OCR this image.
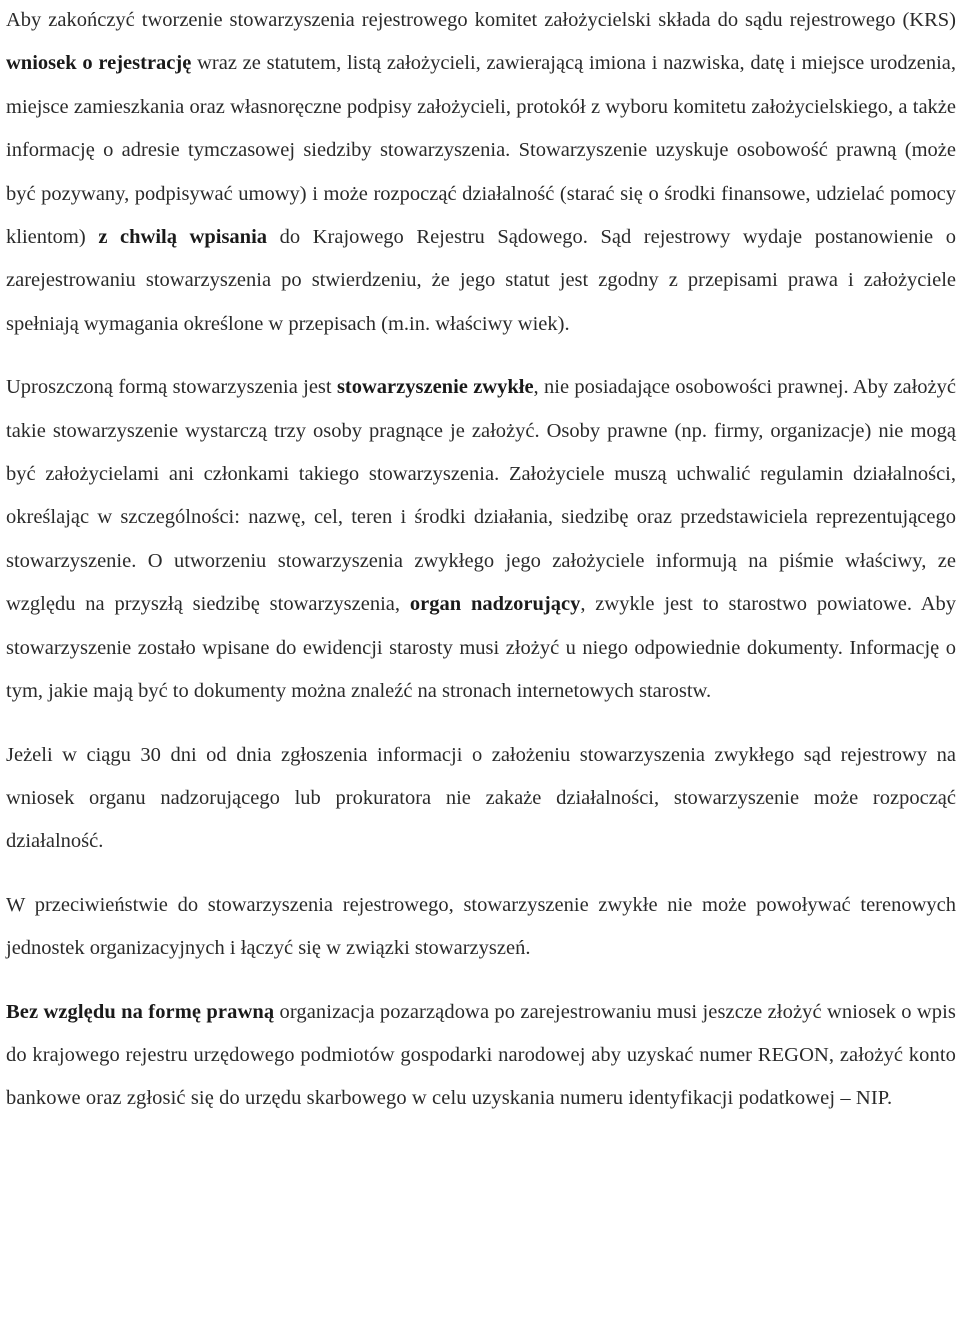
Aby zakończyć tworzenie stowarzyszenia rejestrowego komitet założycielski składa do sądu rejestrowego (KRS) wniosek o rejestrację wraz ze statutem, listą założycieli, zawierającą imiona i nazwiska, datę i miejsce urodzenia, miejsce zamieszkania oraz własnoręczne podpisy założycieli, protokół z wyboru komitetu założycielskiego, a także informację o adresie tymczasowej siedziby stowarzyszenia. Stowarzyszenie uzyskuje osobowość prawną (może być pozywany, podpisywać umowy) i może rozpocząć działalność (starać się o środki finansowe, udzielać pomocy klientom) z chwilą wpisania do Krajowego Rejestru Sądowego. Sąd rejestrowy wydaje postanowienie o zarejestrowaniu stowarzyszenia po stwierdzeniu, że jego statut jest zgodny z przepisami prawa i założyciele spełniają wymagania określone w przepisach (m.in. właściwy wiek).

Uproszczoną formą stowarzyszenia jest stowarzyszenie zwykłe, nie posiadające osobowości prawnej. Aby założyć takie stowarzyszenie wystarczą trzy osoby pragnące je założyć. Osoby prawne (np. firmy, organizacje) nie mogą być założycielami ani członkami takiego stowarzyszenia. Założyciele muszą uchwalić regulamin działalności, określając w szczególności: nazwę, cel, teren i środki działania, siedzibę oraz przedstawiciela reprezentującego stowarzyszenie. O utworzeniu stowarzyszenia zwykłego jego założyciele informują na piśmie właściwy, ze względu na przyszłą siedzibę stowarzyszenia, organ nadzorujący, zwykle jest to starostwo powiatowe. Aby stowarzyszenie zostało wpisane do ewidencji starosty musi złożyć u niego odpowiednie dokumenty. Informację o tym, jakie mają być to dokumenty można znaleźć na stronach internetowych starostw.

Jeżeli w ciągu 30 dni od dnia zgłoszenia informacji o założeniu stowarzyszenia zwykłego sąd rejestrowy na wniosek organu nadzorującego lub prokuratora nie zakaże działalności, stowarzyszenie może rozpocząć działalność.

W przeciwieństwie do stowarzyszenia rejestrowego, stowarzyszenie zwykłe nie może powoływać terenowych jednostek organizacyjnych i łączyć się w związki stowarzyszeń.

Bez względu na formę prawną organizacja pozarządowa po zarejestrowaniu musi jeszcze złożyć wniosek o wpis do krajowego rejestru urzędowego podmiotów gospodarki narodowej aby uzyskać numer REGON, założyć konto bankowe oraz zgłosić się do urzędu skarbowego w celu uzyskania numeru identyfikacji podatkowej – NIP.
